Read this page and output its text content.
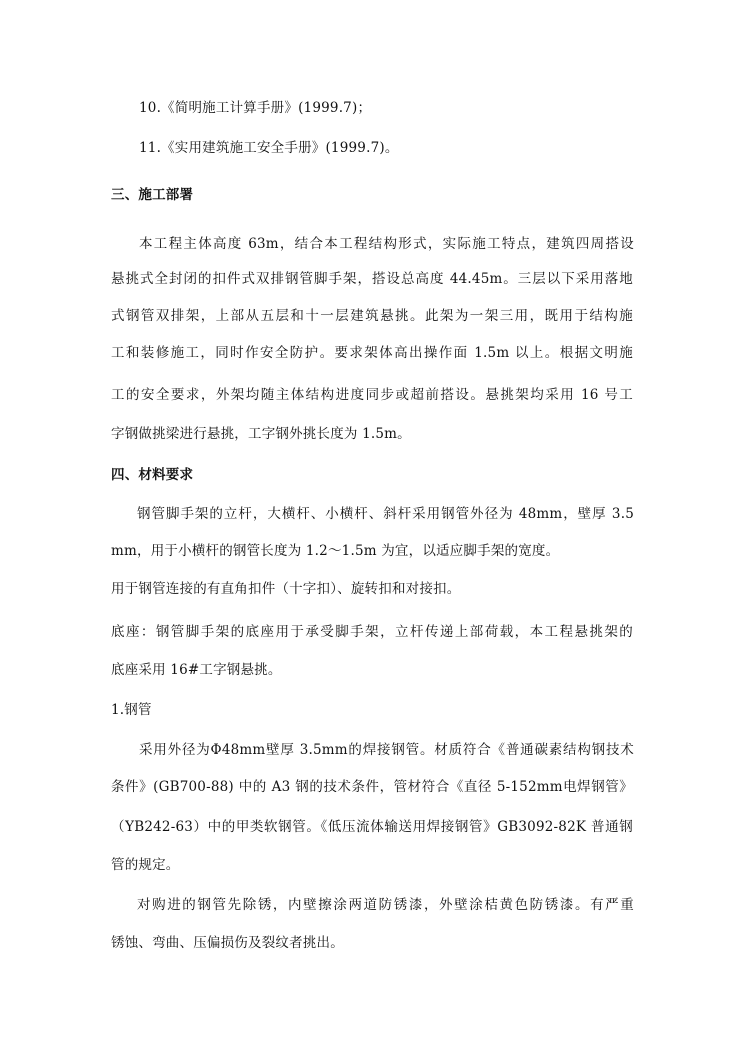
10.《简明施工计算手册》(1999.7)；
11.《实用建筑施工安全手册》(1999.7)。
三、施工部署
本工程主体高度 63m，结合本工程结构形式，实际施工特点，建筑四周搭设
悬挑式全封闭的扣件式双排钢管脚手架，搭设总高度 44.45m。三层以下采用落地
式钢管双排架，上部从五层和十一层建筑悬挑。此架为一架三用，既用于结构施
工和装修施工，同时作安全防护。要求架体高出操作面 1.5m 以上。根据文明施
工的安全要求，外架均随主体结构进度同步或超前搭设。悬挑架均采用 16 号工
字钢做挑梁进行悬挑，工字钢外挑长度为 1.5m。
四、材料要求
钢管脚手架的立杆，大横杆、小横杆、斜杆采用钢管外径为 48mm，壁厚 3.5
mm，用于小横杆的钢管长度为 1.2～1.5m 为宜，以适应脚手架的宽度。
用于钢管连接的有直角扣件（十字扣）、旋转扣和对接扣。
底座：钢管脚手架的底座用于承受脚手架，立杆传递上部荷载，本工程悬挑架的
底座采用 16#工字钢悬挑。
1.钢管
采用外径为Φ48mm壁厚 3.5mm的焊接钢管。材质符合《普通碳素结构钢技术
条件》(GB700-88) 中的 A3 钢的技术条件，管材符合《直径 5-152mm电焊钢管》
（YB242-63）中的甲类软钢管。《低压流体输送用焊接钢管》GB3092-82K 普通钢
管的规定。
对购进的钢管先除锈，内壁擦涂两道防锈漆，外壁涂桔黄色防锈漆。有严重
锈蚀、弯曲、压偏损伤及裂纹者挑出。
